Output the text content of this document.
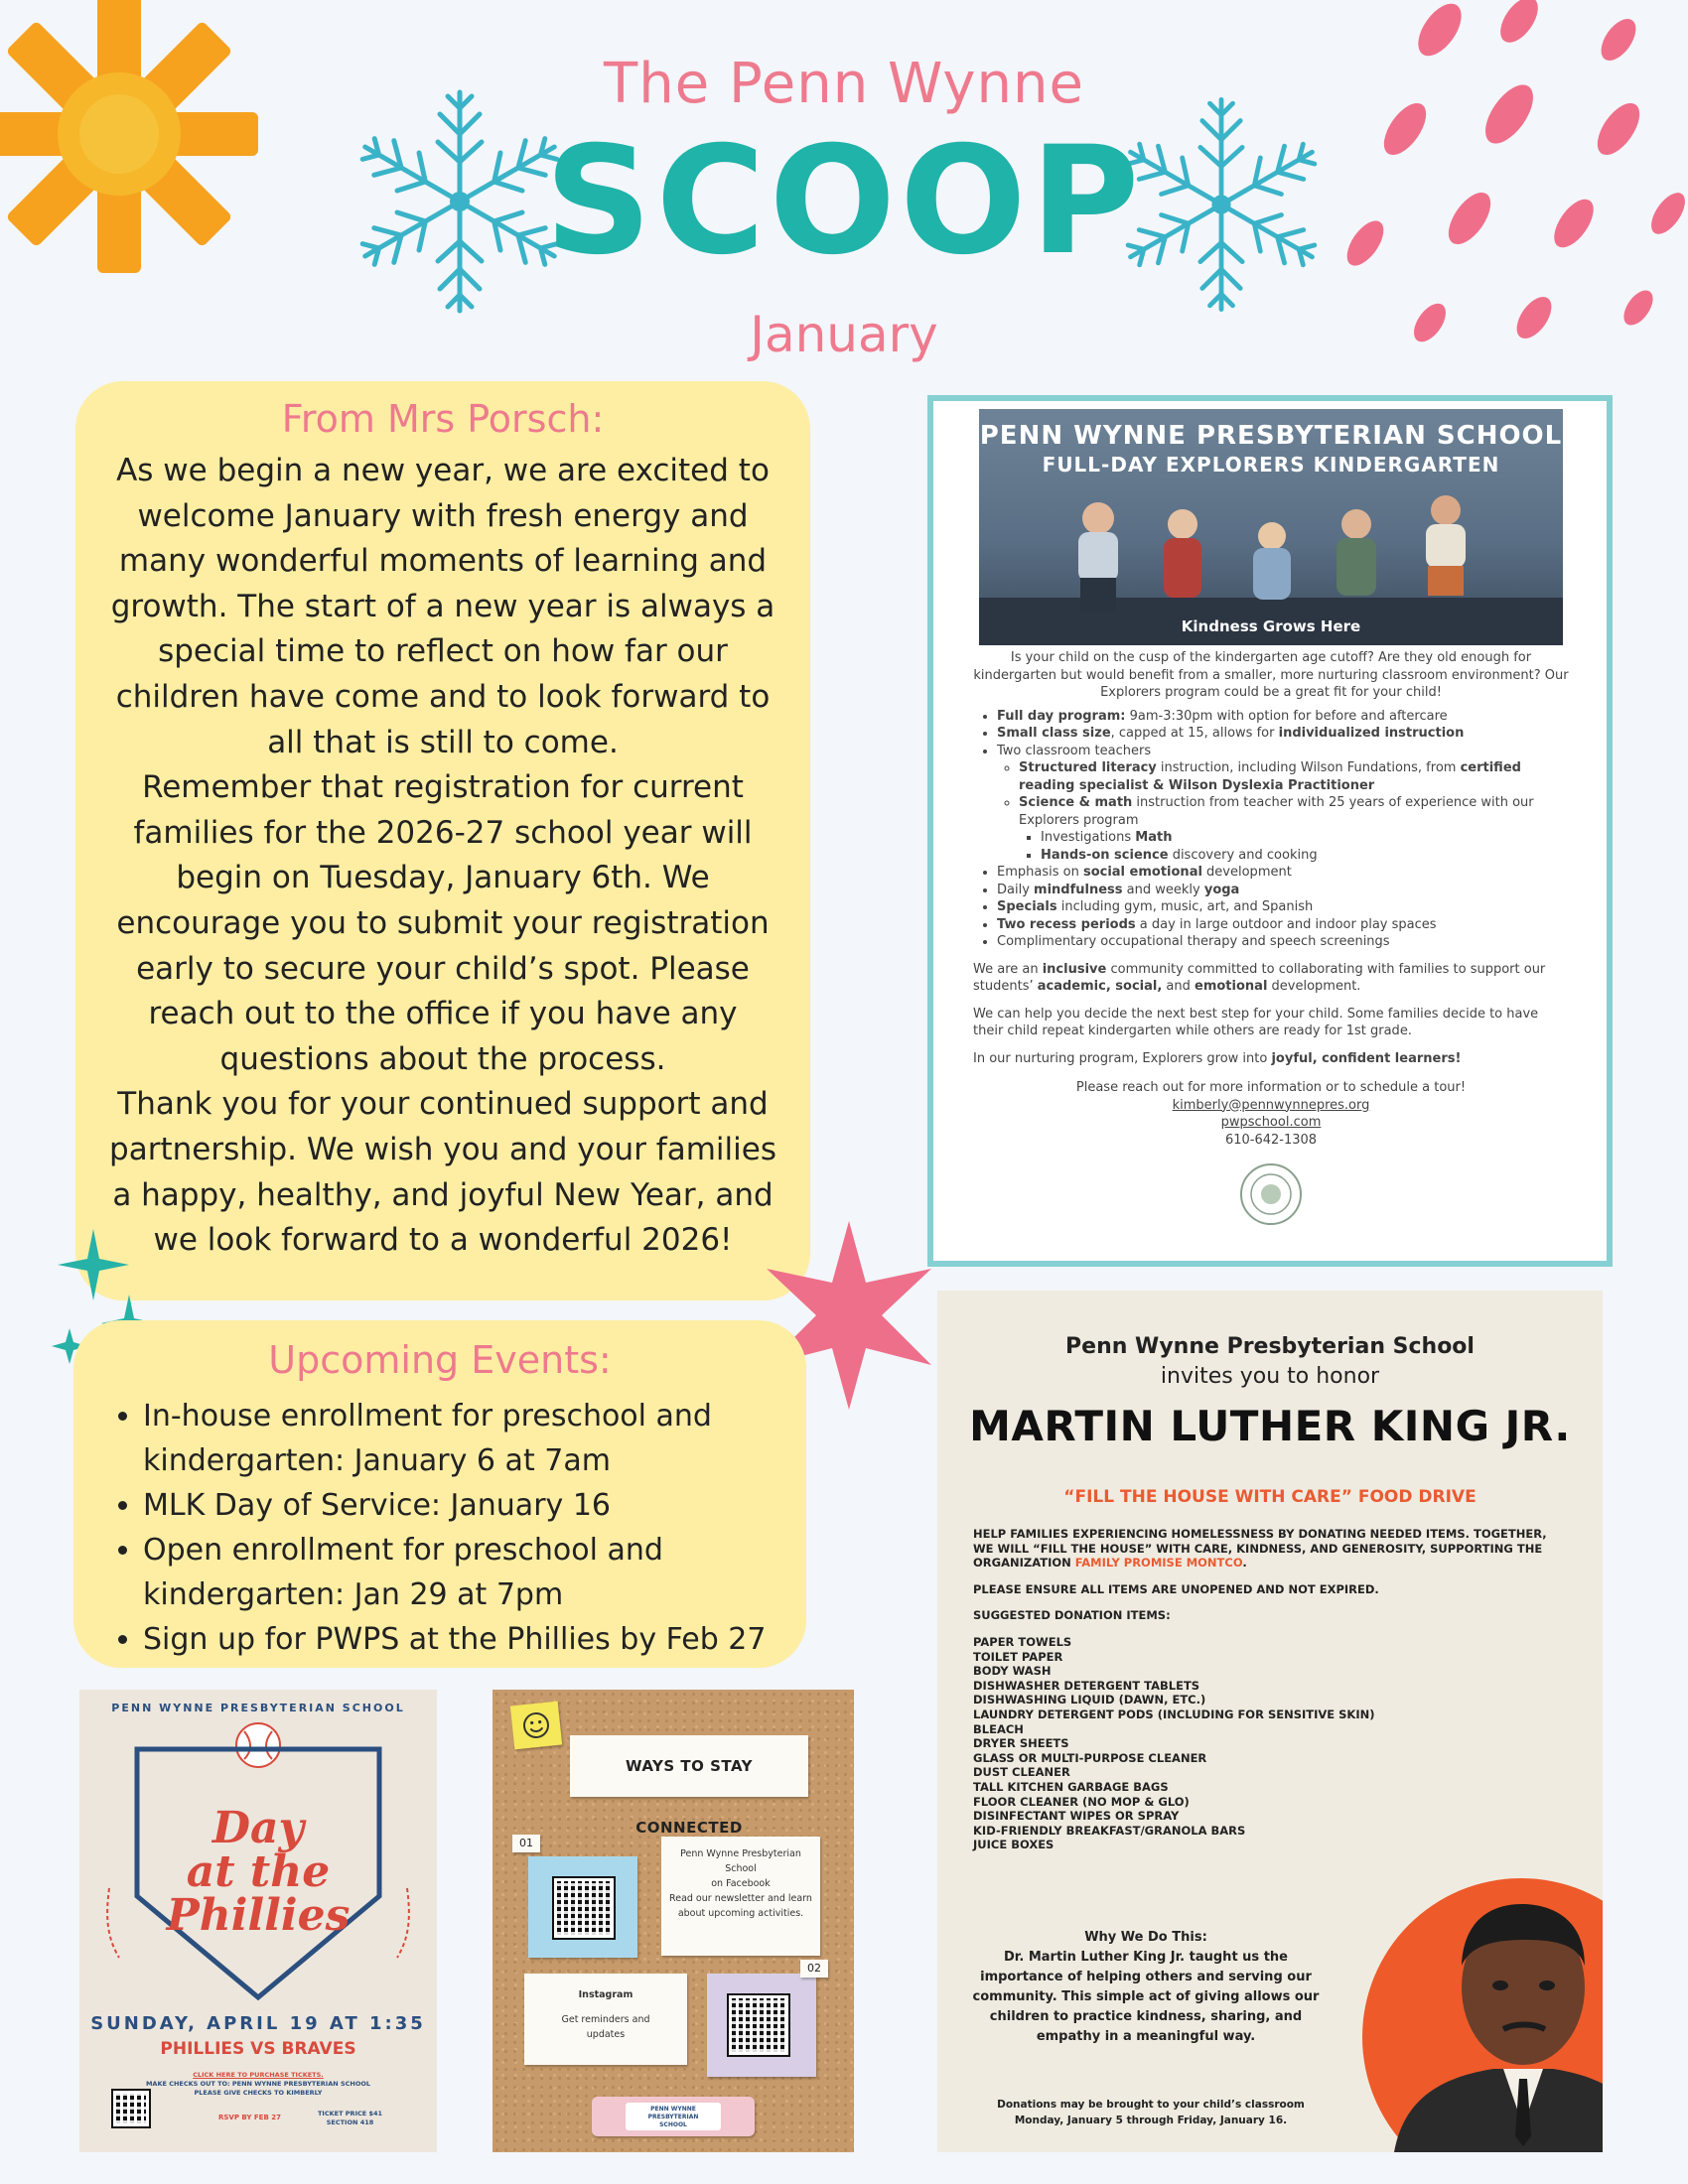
The Penn Wynne
SCOOP
January
From Mrs Porsch:

As we begin a new year, we are excited to welcome January with fresh energy and many wonderful moments of learning and growth. The start of a new year is always a special time to reflect on how far our children have come and to look forward to all that is still to come.

Remember that registration for current families for the 2026-27 school year will begin on Tuesday, January 6th. We encourage you to submit your registration early to secure your child’s spot. Please reach out to the office if you have any questions about the process.

Thank you for your continued support and partnership. We wish you and your families a happy, healthy, and joyful New Year, and we look forward to a wonderful 2026!

Upcoming Events:
• In-house enrollment for preschool and kindergarten: January 6 at 7am
• MLK Day of Service: January 16
• Open enrollment for preschool and kindergarten: Jan 29 at 7pm
• Sign up for PWPS at the Phillies by Feb 27
PENN WYNNE PRESBYTERIAN SCHOOL
FULL-DAY EXPLORERS KINDERGARTEN
Kindness Grows Here
Is your child on the cusp of the kindergarten age cutoff? Are they old enough for kindergarten but would benefit from a smaller, more nurturing classroom environment? Our Explorers program could be a great fit for your child!
• Full day program: 9am-3:30pm with option for before and aftercare
• Small class size, capped at 15, allows for individualized instruction
• Two classroom teachers
◦ Structured literacy instruction, including Wilson Fundations, from certified reading specialist & Wilson Dyslexia Practitioner
◦ Science & math instruction from teacher with 25 years of experience with our Explorers program
▪ Investigations Math
▪ Hands-on science discovery and cooking
• Emphasis on social emotional development
• Daily mindfulness and weekly yoga
• Specials including gym, music, art, and Spanish
• Two recess periods a day in large outdoor and indoor play spaces
• Complimentary occupational therapy and speech screenings

We are an inclusive community committed to collaborating with families to support our students’ academic, social, and emotional development.

We can help you decide the next best step for your child. Some families decide to have their child repeat kindergarten while others are ready for 1st grade.

In our nurturing program, Explorers grow into joyful, confident learners!

Please reach out for more information or to schedule a tour!
kimberly@pennwynnepres.org
pwpschool.com
610-642-1308
Penn Wynne Presbyterian School
invites you to honor
MARTIN LUTHER KING JR.
“FILL THE HOUSE WITH CARE” FOOD DRIVE

HELP FAMILIES EXPERIENCING HOMELESSNESS BY DONATING NEEDED ITEMS. TOGETHER, WE WILL “FILL THE HOUSE” WITH CARE, KINDNESS, AND GENEROSITY, SUPPORTING THE ORGANIZATION FAMILY PROMISE MONTCO.

PLEASE ENSURE ALL ITEMS ARE UNOPENED AND NOT EXPIRED.

SUGGESTED DONATION ITEMS:

PAPER TOWELS
TOILET PAPER
BODY WASH
DISHWASHER DETERGENT TABLETS
DISHWASHING LIQUID (DAWN, ETC.)
LAUNDRY DETERGENT PODS (INCLUDING FOR SENSITIVE SKIN)
BLEACH
DRYER SHEETS
GLASS OR MULTI-PURPOSE CLEANER
DUST CLEANER
TALL KITCHEN GARBAGE BAGS
FLOOR CLEANER (NO MOP & GLO)
DISINFECTANT WIPES OR SPRAY
KID-FRIENDLY BREAKFAST/GRANOLA BARS
JUICE BOXES
Why We Do This:
Dr. Martin Luther King Jr. taught us the importance of helping others and serving our community. This simple act of giving allows our children to practice kindness, sharing, and empathy in a meaningful way.
Donations may be brought to your child’s classroom
Monday, January 5 through Friday, January 16.
PENN WYNNE PRESBYTERIAN SCHOOL
Day
at the
Phillies
SUNDAY, APRIL 19 AT 1:35
PHILLIES VS BRAVES
CLICK HERE TO PURCHASE TICKETS.
MAKE CHECKS OUT TO: PENN WYNNE PRESBYTERIAN SCHOOL
PLEASE GIVE CHECKS TO KIMBERLY
RSVP BY FEB 27	TICKET PRICE $41
SECTION 418
WAYS TO STAY CONNECTED
01
Penn Wynne Presbyterian School
on Facebook
Read our newsletter and learn about upcoming activities.
Instagram
Get reminders and updates
02
PENN WYNNE
PRESBYTERIAN
SCHOOL
